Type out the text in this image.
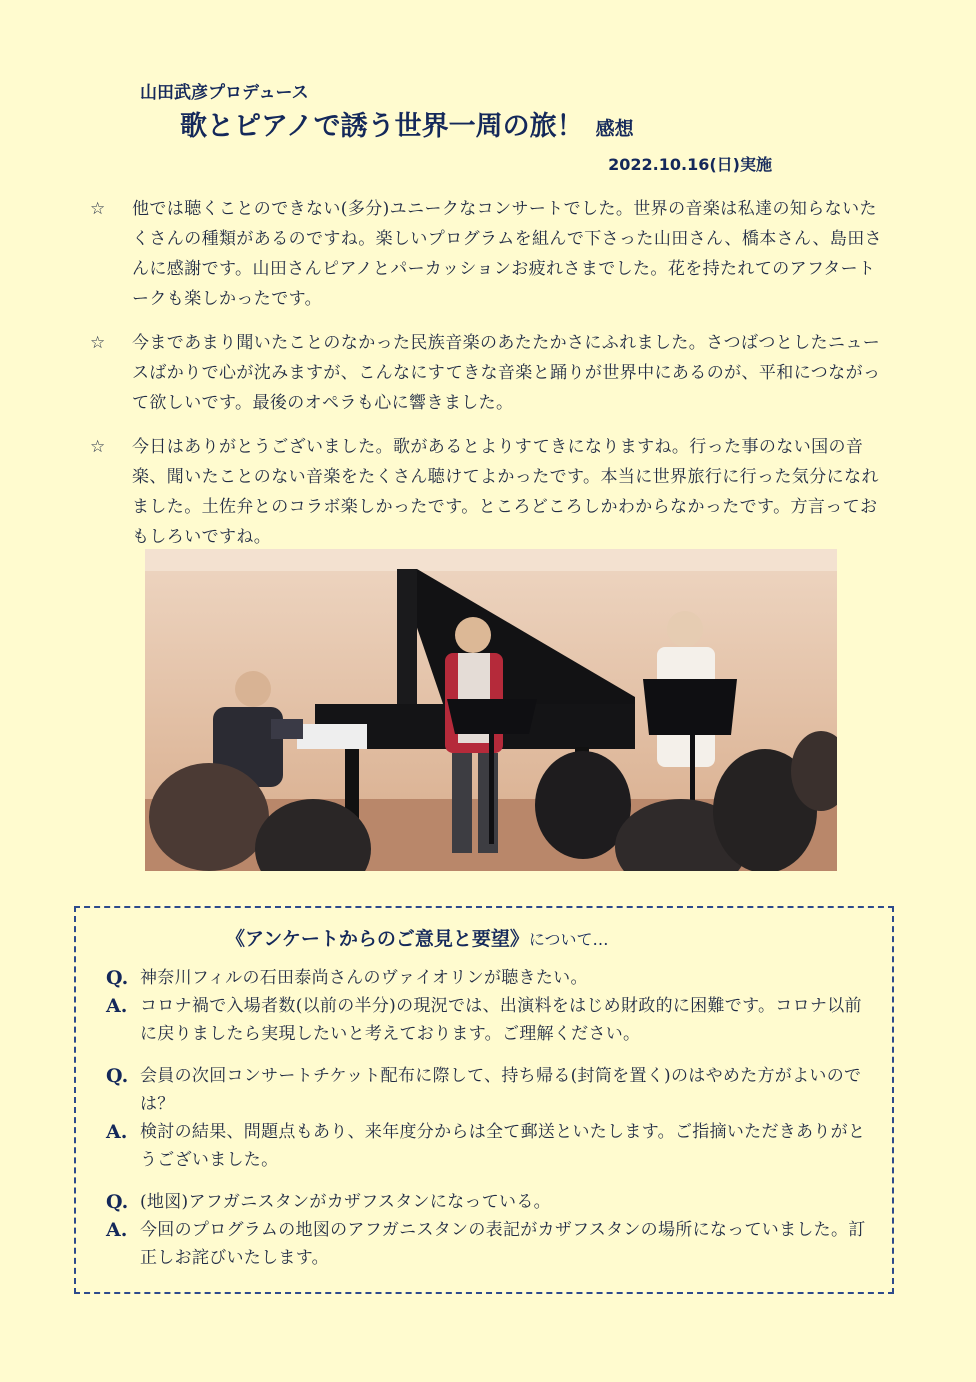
山田武彦プロデュース
歌とピアノで誘う世界一周の旅！ 感想
2022.10.16(日)実施
☆	他では聴くことのできない(多分)ユニークなコンサートでした。世界の音楽は私達の知らないたくさんの種類があるのですね。楽しいプログラムを組んで下さった山田さん、橋本さん、島田さんに感謝です。山田さんピアノとパーカッションお疲れさまでした。花を持たれてのアフタートークも楽しかったです。
☆	今まであまり聞いたことのなかった民族音楽のあたたかさにふれました。さつばつとしたニュースばかりで心が沈みますが、こんなにすてきな音楽と踊りが世界中にあるのが、平和につながって欲しいです。最後のオペラも心に響きました。
☆	今日はありがとうございました。歌があるとよりすてきになりますね。行った事のない国の音楽、聞いたことのない音楽をたくさん聴けてよかったです。本当に世界旅行に行った気分になれました。土佐弁とのコラボ楽しかったです。ところどころしかわからなかったです。方言っておもしろいですね。
《アンケートからのご意見と要望》について…
Q. 神奈川フィルの石田泰尚さんのヴァイオリンが聴きたい。
A. コロナ禍で入場者数(以前の半分)の現況では、出演料をはじめ財政的に困難です。コロナ以前に戻りましたら実現したいと考えております。ご理解ください。
Q. 会員の次回コンサートチケット配布に際して、持ち帰る(封筒を置く)のはやめた方がよいのでは？
A. 検討の結果、問題点もあり、来年度分からは全て郵送といたします。ご指摘いただきありがとうございました。
Q. (地図)アフガニスタンがカザフスタンになっている。
A. 今回のプログラムの地図のアフガニスタンの表記がカザフスタンの場所になっていました。訂正しお詫びいたします。
